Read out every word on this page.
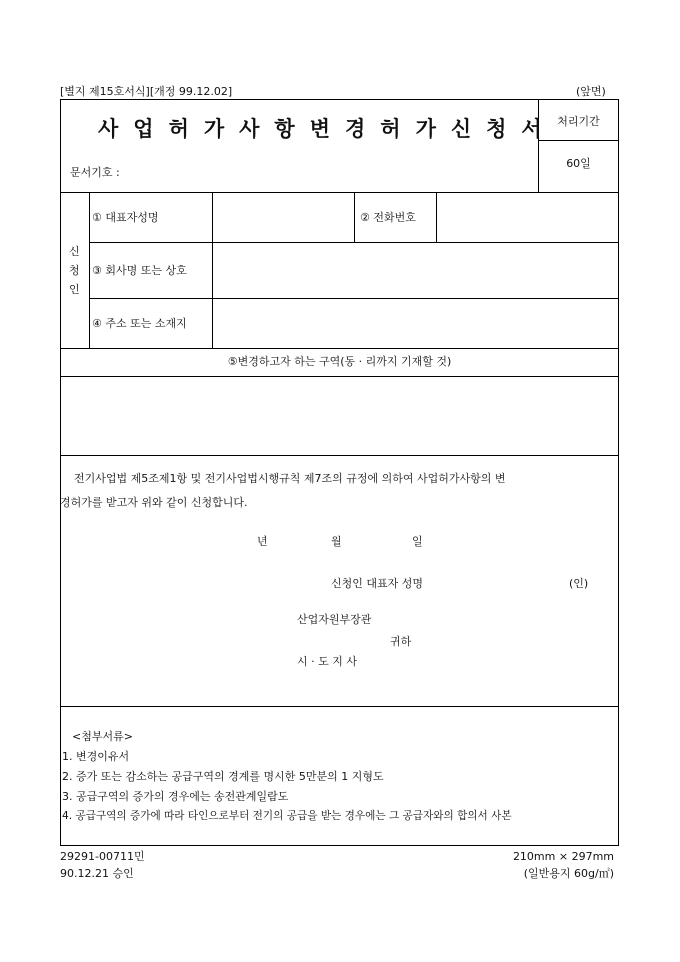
[별지 제15호서식][개정 99.12.02]	(앞면)
사업허가사항변경허가신청서 처리기간
60일
문서기호 :
신
청
인
① 대표자성명	② 전화번호
③ 회사명 또는 상호
④ 주소 또는 소재지
⑤변경하고자 하는 구역(동 · 리까지 기재할 것)
전기사업법 제5조제1항 및 전기사업법시행규칙 제7조의 규정에 의하여 사업허가사항의 변
경허가를 받고자 위와 같이 신청합니다.
년	월	일
신청인 대표자 성명	(인)
산업자원부장관
귀하
시 · 도 지 사
<첨부서류>
1. 변경이유서
2. 증가 또는 감소하는 공급구역의 경계를 명시한 5만분의 1 지형도
3. 공급구역의 증가의 경우에는 송전관계일람도
4. 공급구역의 증가에 따라 타인으로부터 전기의 공급을 받는 경우에는 그 공급자와의 합의서 사본
29291-00711민
90.12.21 승인
210mm × 297mm
(일반용지 60g/㎡)
